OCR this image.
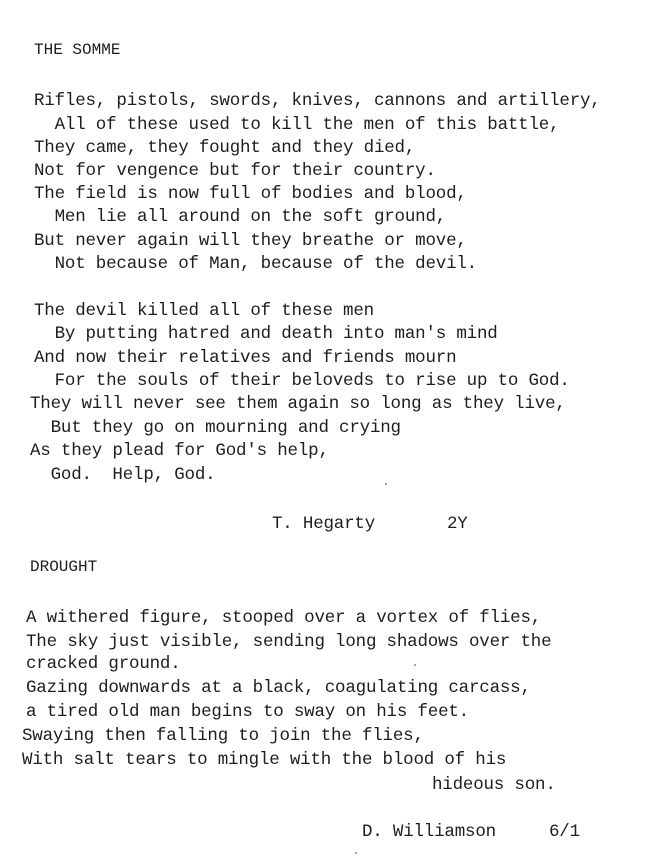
THE SOMME
Rifles, pistols, swords, knives, cannons and artillery,
All of these used to kill the men of this battle,
They came, they fought and they died,
Not for vengence but for their country.
The field is now full of bodies and blood,
Men lie all around on the soft ground,
But never again will they breathe or move,
Not because of Man, because of the devil.
The devil killed all of these men
By putting hatred and death into man's mind
And now their relatives and friends mourn
For the souls of their beloveds to rise up to God.
They will never see them again so long as they live,
But they go on mourning and crying
As they plead for God's help,
God.  Help, God.
T. Hegarty	2Y
DROUGHT
A withered figure, stooped over a vortex of flies,
The sky just visible, sending long shadows over the
cracked ground.
Gazing downwards at a black, coagulating carcass,
a tired old man begins to sway on his feet.
Swaying then falling to join the flies,
With salt tears to mingle with the blood of his
hideous son.
D. Williamson	6/1
